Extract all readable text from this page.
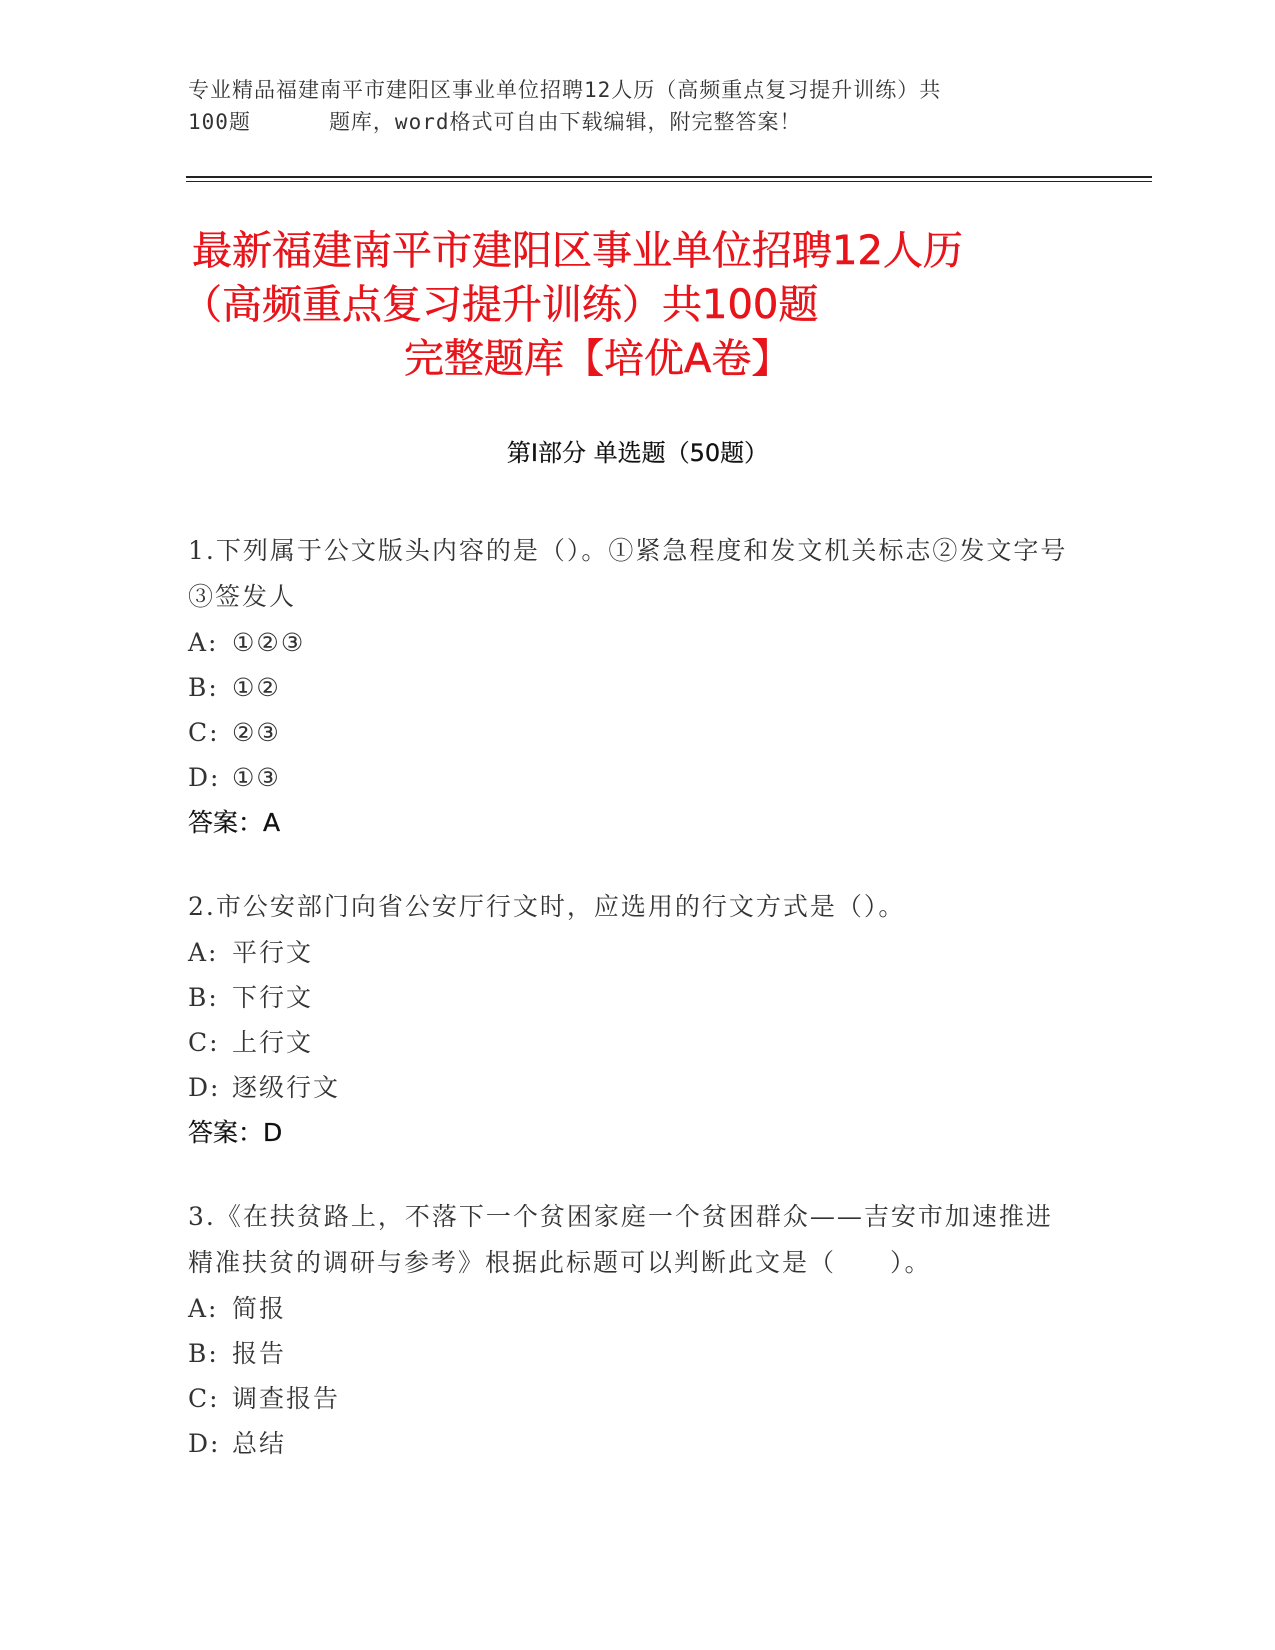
专业精品福建南平市建阳区事业单位招聘12人历（高频重点复习提升训练）共
100题	题库，word格式可自由下载编辑，附完整答案！
最新福建南平市建阳区事业单位招聘12人历
（高频重点复习提升训练）共100题
完整题库【培优A卷】
第I部分 单选题（50题）

1.下列属于公文版头内容的是（）。①紧急程度和发文机关标志②发文字号③签发人

A: ①②③

B: ①②

C: ②③

D: ①③

答案：A

2.市公安部门向省公安厅行文时，应选用的行文方式是（）。

A: 平行文

B: 下行文

C: 上行文

D: 逐级行文

答案：D

3.《在扶贫路上，不落下一个贫困家庭一个贫困群众——吉安市加速推进精准扶贫的调研与参考》根据此标题可以判断此文是（　　）。

A: 简报

B: 报告

C: 调查报告

D: 总结
